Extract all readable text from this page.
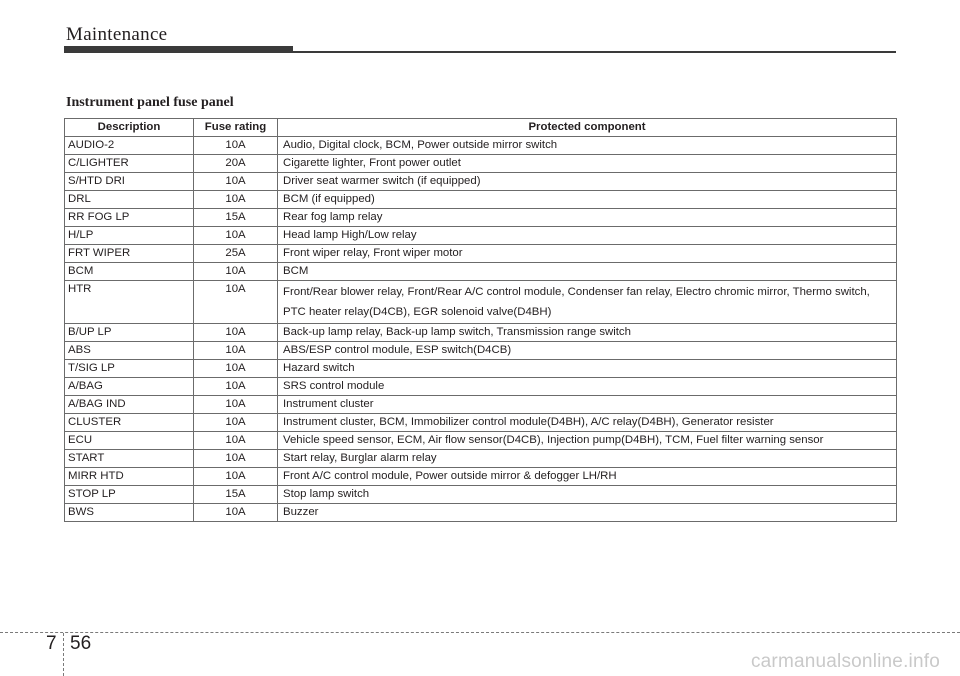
Maintenance
Instrument panel fuse panel
Description	Fuse rating	Protected component
AUDIO-2	10A	Audio, Digital clock, BCM, Power outside mirror switch
C/LIGHTER	20A	Cigarette lighter, Front power outlet
S/HTD DRI	10A	Driver seat warmer switch (if equipped)
DRL	10A	BCM (if equipped)
RR FOG LP	15A	Rear fog lamp relay
H/LP	10A	Head lamp High/Low relay
FRT WIPER	25A	Front wiper relay, Front wiper motor
BCM	10A	BCM
HTR	10A	Front/Rear blower relay, Front/Rear A/C control module, Condenser fan relay, Electro chromic mirror, Thermo switch, PTC heater relay(D4CB), EGR solenoid valve(D4BH)
B/UP LP	10A	Back-up lamp relay, Back-up lamp switch, Transmission range switch
ABS	10A	ABS/ESP control module, ESP switch(D4CB)
T/SIG LP	10A	Hazard switch
A/BAG	10A	SRS control module
A/BAG IND	10A	Instrument cluster
CLUSTER	10A	Instrument cluster, BCM, Immobilizer control module(D4BH), A/C relay(D4BH), Generator resister
ECU	10A	Vehicle speed sensor, ECM, Air flow sensor(D4CB), Injection pump(D4BH), TCM, Fuel filter warning sensor
START	10A	Start relay, Burglar alarm relay
MIRR HTD	10A	Front A/C control module, Power outside mirror & defogger LH/RH
STOP LP	15A	Stop lamp switch
BWS	10A	Buzzer
7 56
carmanualsonline.info
